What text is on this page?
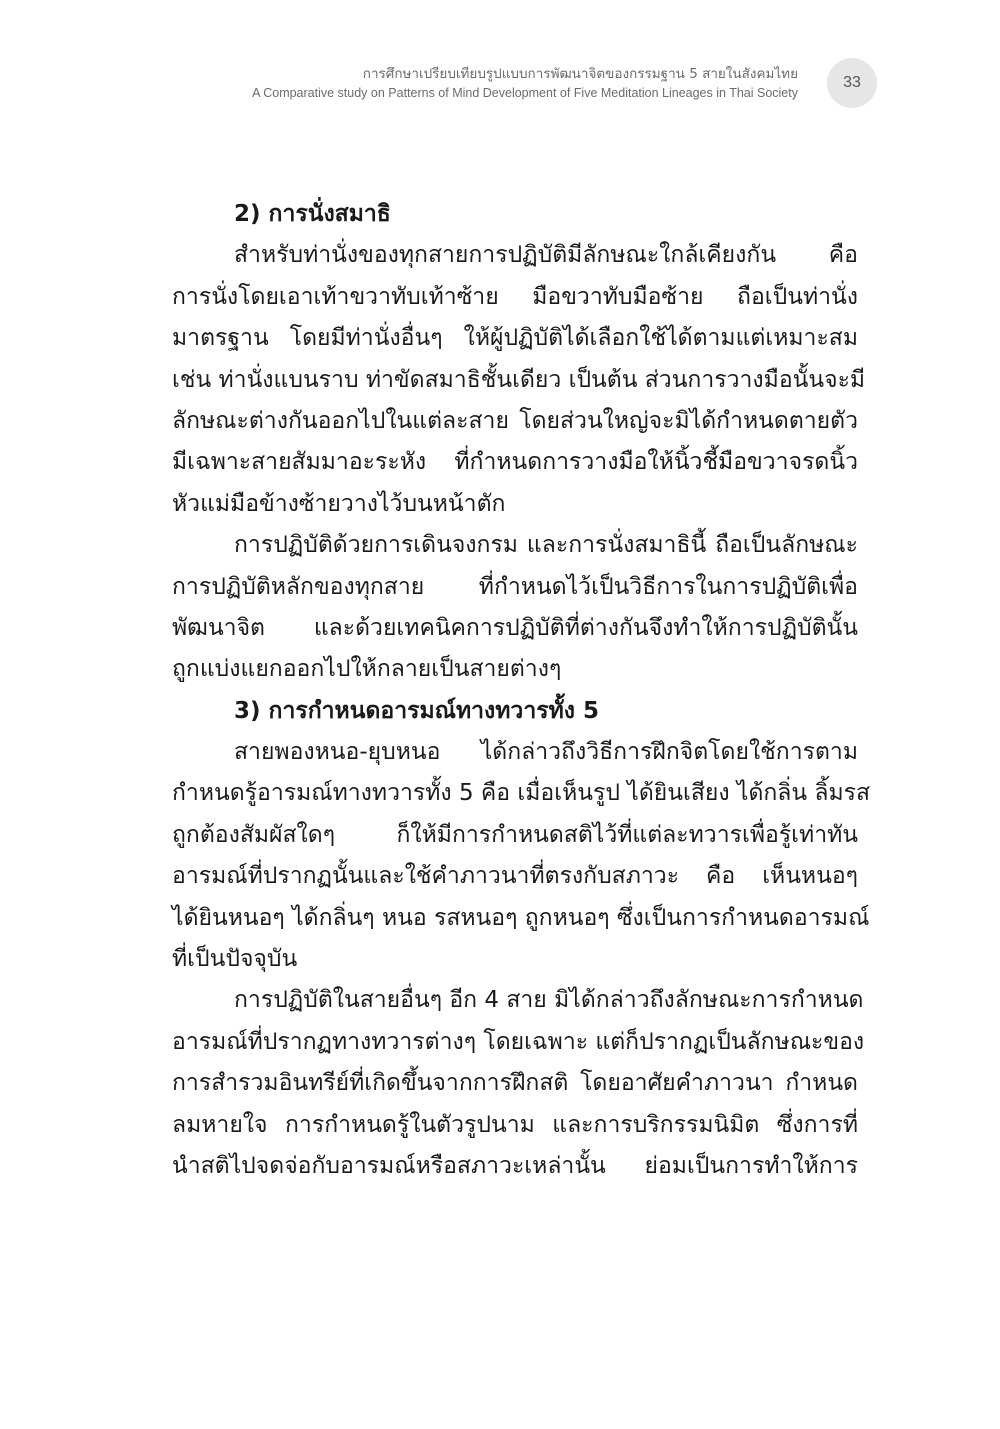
การศึกษาเปรียบเทียบรูปแบบการพัฒนาจิตของกรรมฐาน 5 สายในสังคมไทย
A Comparative study on Patterns of Mind Development of Five Meditation Lineages in Thai Society
33
2) การนั่งสมาธิ
สำหรับท่านั่งของทุกสายการปฏิบัติมีลักษณะใกล้เคียงกัน คือ
การนั่งโดยเอาเท้าขวาทับเท้าซ้าย มือขวาทับมือซ้าย ถือเป็นท่านั่ง
มาตรฐาน โดยมีท่านั่งอื่นๆ ให้ผู้ปฏิบัติได้เลือกใช้ได้ตามแต่เหมาะสม
เช่น ท่านั่งแบนราบ ท่าขัดสมาธิชั้นเดียว เป็นต้น ส่วนการวางมือนั้นจะมี
ลักษณะต่างกันออกไปในแต่ละสาย โดยส่วนใหญ่จะมิได้กำหนดตายตัว
มีเฉพาะสายสัมมาอะระหัง ที่กำหนดการวางมือให้นิ้วชี้มือขวาจรดนิ้ว
หัวแม่มือข้างซ้ายวางไว้บนหน้าตัก
การปฏิบัติด้วยการเดินจงกรม และการนั่งสมาธินี้ ถือเป็นลักษณะ
การปฏิบัติหลักของทุกสาย ที่กำหนดไว้เป็นวิธีการในการปฏิบัติเพื่อ
พัฒนาจิต และด้วยเทคนิคการปฏิบัติที่ต่างกันจึงทำให้การปฏิบัตินั้น
ถูกแบ่งแยกออกไปให้กลายเป็นสายต่างๆ
3) การกำหนดอารมณ์ทางทวารทั้ง 5
สายพองหนอ-ยุบหนอ ได้กล่าวถึงวิธีการฝึกจิตโดยใช้การตาม
กำหนดรู้อารมณ์ทางทวารทั้ง 5 คือ เมื่อเห็นรูป ได้ยินเสียง ได้กลิ่น ลิ้มรส
ถูกต้องสัมผัสใดๆ ก็ให้มีการกำหนดสติไว้ที่แต่ละทวารเพื่อรู้เท่าทัน
อารมณ์ที่ปรากฏนั้นและใช้คำภาวนาที่ตรงกับสภาวะ คือ เห็นหนอๆ
ได้ยินหนอๆ ได้กลิ่นๆ หนอ รสหนอๆ ถูกหนอๆ ซึ่งเป็นการกำหนดอารมณ์
ที่เป็นปัจจุบัน
การปฏิบัติในสายอื่นๆ อีก 4 สาย มิได้กล่าวถึงลักษณะการกำหนด
อารมณ์ที่ปรากฏทางทวารต่างๆ โดยเฉพาะ แต่ก็ปรากฏเป็นลักษณะของ
การสำรวมอินทรีย์ที่เกิดขึ้นจากการฝึกสติ โดยอาศัยคำภาวนา กำหนด
ลมหายใจ การกำหนดรู้ในตัวรูปนาม และการบริกรรมนิมิต ซึ่งการที่
นำสติไปจดจ่อกับอารมณ์หรือสภาวะเหล่านั้น ย่อมเป็นการทำให้การ
